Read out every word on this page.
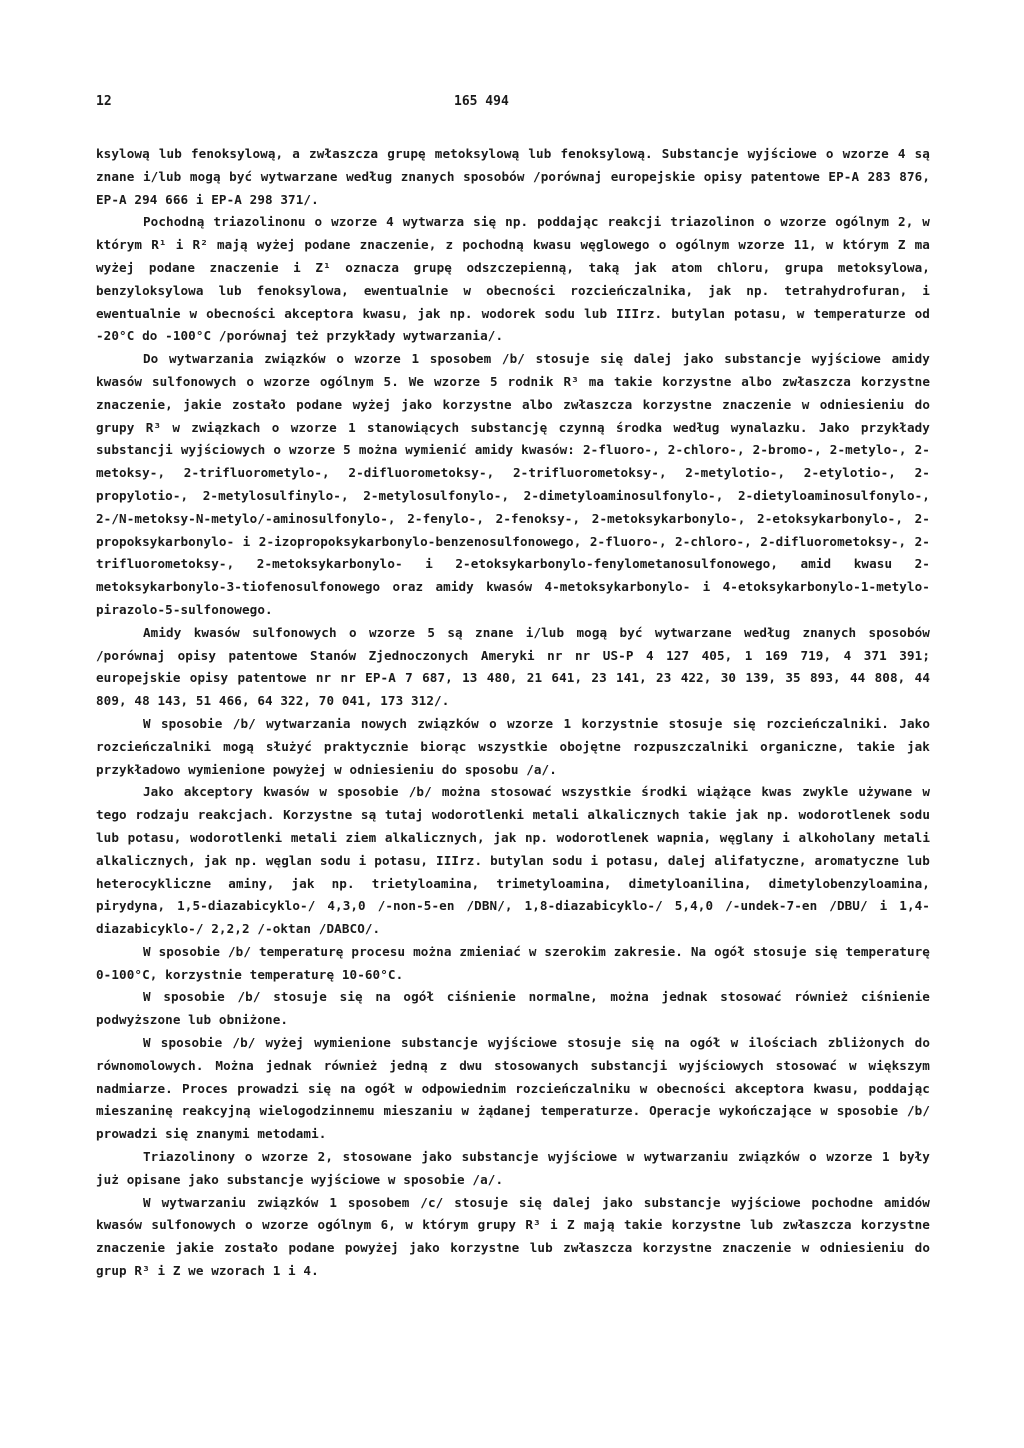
12	165 494

ksylową lub fenoksylową, a zwłaszcza grupę metoksylową lub fenoksylową. Substancje wyjściowe o wzorze 4 są znane i/lub mogą być wytwarzane według znanych sposobów /porównaj europejskie opisy patentowe EP-A 283 876, EP-A 294 666 i EP-A 298 371/.

Pochodną triazolinonu o wzorze 4 wytwarza się np. poddając reakcji triazolinon o wzorze ogólnym 2, w którym R¹ i R² mają wyżej podane znaczenie, z pochodną kwasu węglowego o ogólnym wzorze 11, w którym Z ma wyżej podane znaczenie i Z¹ oznacza grupę odszczepienną, taką jak atom chloru, grupa metoksylowa, benzyloksylowa lub fenoksylowa, ewentualnie w obecności rozcieńczalnika, jak np. tetrahydrofuran, i ewentualnie w obecności akceptora kwasu, jak np. wodorek sodu lub IIIrz. butylan potasu, w temperaturze od -20°C do -100°C /porównaj też przykłady wytwarzania/.

Do wytwarzania związków o wzorze 1 sposobem /b/ stosuje się dalej jako substancje wyjściowe amidy kwasów sulfonowych o wzorze ogólnym 5. We wzorze 5 rodnik R³ ma takie korzystne albo zwłaszcza korzystne znaczenie, jakie zostało podane wyżej jako korzystne albo zwłaszcza korzystne znaczenie w odniesieniu do grupy R³ w związkach o wzorze 1 stanowiących substancję czynną środka według wynalazku. Jako przykłady substancji wyjściowych o wzorze 5 można wymienić amidy kwasów: 2-fluoro-, 2-chloro-, 2-bromo-, 2-metylo-, 2-metoksy-, 2-trifluorometylo-, 2-difluorometoksy-, 2-trifluorometoksy-, 2-metylotio-, 2-etylotio-, 2-propylotio-, 2-metylosulfinylo-, 2-metylosulfonylo-, 2-dimetyloaminosulfonylo-, 2-dietyloaminosulfonylo-, 2-/N-metoksy-N-metylo/-aminosulfonylo-, 2-fenylo-, 2-fenoksy-, 2-metoksykarbonylo-, 2-etoksykarbonylo-, 2-propoksykarbonylo- i 2-izopropoksykarbonylo-benzenosulfonowego, 2-fluoro-, 2-chloro-, 2-difluorometoksy-, 2-trifluorometoksy-, 2-metoksykarbonylo- i 2-etoksykarbonylo-fenylometanosulfonowego, amid kwasu 2-metoksykarbonylo-3-tiofenosulfonowego oraz amidy kwasów 4-metoksykarbonylo- i 4-etoksykarbonylo-1-metylo-pirazolo-5-sulfonowego.

Amidy kwasów sulfonowych o wzorze 5 są znane i/lub mogą być wytwarzane według znanych sposobów /porównaj opisy patentowe Stanów Zjednoczonych Ameryki nr nr US-P 4 127 405, 1 169 719, 4 371 391; europejskie opisy patentowe nr nr EP-A 7 687, 13 480, 21 641, 23 141, 23 422, 30 139, 35 893, 44 808, 44 809, 48 143, 51 466, 64 322, 70 041, 173 312/.

W sposobie /b/ wytwarzania nowych związków o wzorze 1 korzystnie stosuje się rozcieńczalniki. Jako rozcieńczalniki mogą służyć praktycznie biorąc wszystkie obojętne rozpuszczalniki organiczne, takie jak przykładowo wymienione powyżej w odniesieniu do sposobu /a/.

Jako akceptory kwasów w sposobie /b/ można stosować wszystkie środki wiążące kwas zwykle używane w tego rodzaju reakcjach. Korzystne są tutaj wodorotlenki metali alkalicznych takie jak np. wodorotlenek sodu lub potasu, wodorotlenki metali ziem alkalicznych, jak np. wodorotlenek wapnia, węglany i alkoholany metali alkalicznych, jak np. węglan sodu i potasu, IIIrz. butylan sodu i potasu, dalej alifatyczne, aromatyczne lub heterocykliczne aminy, jak np. trietyloamina, trimetyloamina, dimetyloanilina, dimetylobenzyloamina, pirydyna, 1,5-diazabicyklo-/ 4,3,0 /-non-5-en /DBN/, 1,8-diazabicyklo-/ 5,4,0 /-undek-7-en /DBU/ i 1,4-diazabicyklo-/ 2,2,2 /-oktan /DABCO/.

W sposobie /b/ temperaturę procesu można zmieniać w szerokim zakresie. Na ogół stosuje się temperaturę 0-100°C, korzystnie temperaturę 10-60°C.

W sposobie /b/ stosuje się na ogół ciśnienie normalne, można jednak stosować również ciśnienie podwyższone lub obniżone.

W sposobie /b/ wyżej wymienione substancje wyjściowe stosuje się na ogół w ilościach zbliżonych do równomolowych. Można jednak również jedną z dwu stosowanych substancji wyjściowych stosować w większym nadmiarze. Proces prowadzi się na ogół w odpowiednim rozcieńczalniku w obecności akceptora kwasu, poddając mieszaninę reakcyjną wielogodzinnemu mieszaniu w żądanej temperaturze. Operacje wykończające w sposobie /b/ prowadzi się znanymi metodami.

Triazolinony o wzorze 2, stosowane jako substancje wyjściowe w wytwarzaniu związków o wzorze 1 były już opisane jako substancje wyjściowe w sposobie /a/.

W wytwarzaniu związków 1 sposobem /c/ stosuje się dalej jako substancje wyjściowe pochodne amidów kwasów sulfonowych o wzorze ogólnym 6, w którym grupy R³ i Z mają takie korzystne lub zwłaszcza korzystne znaczenie jakie zostało podane powyżej jako korzystne lub zwłaszcza korzystne znaczenie w odniesieniu do grup R³ i Z we wzorach 1 i 4.
